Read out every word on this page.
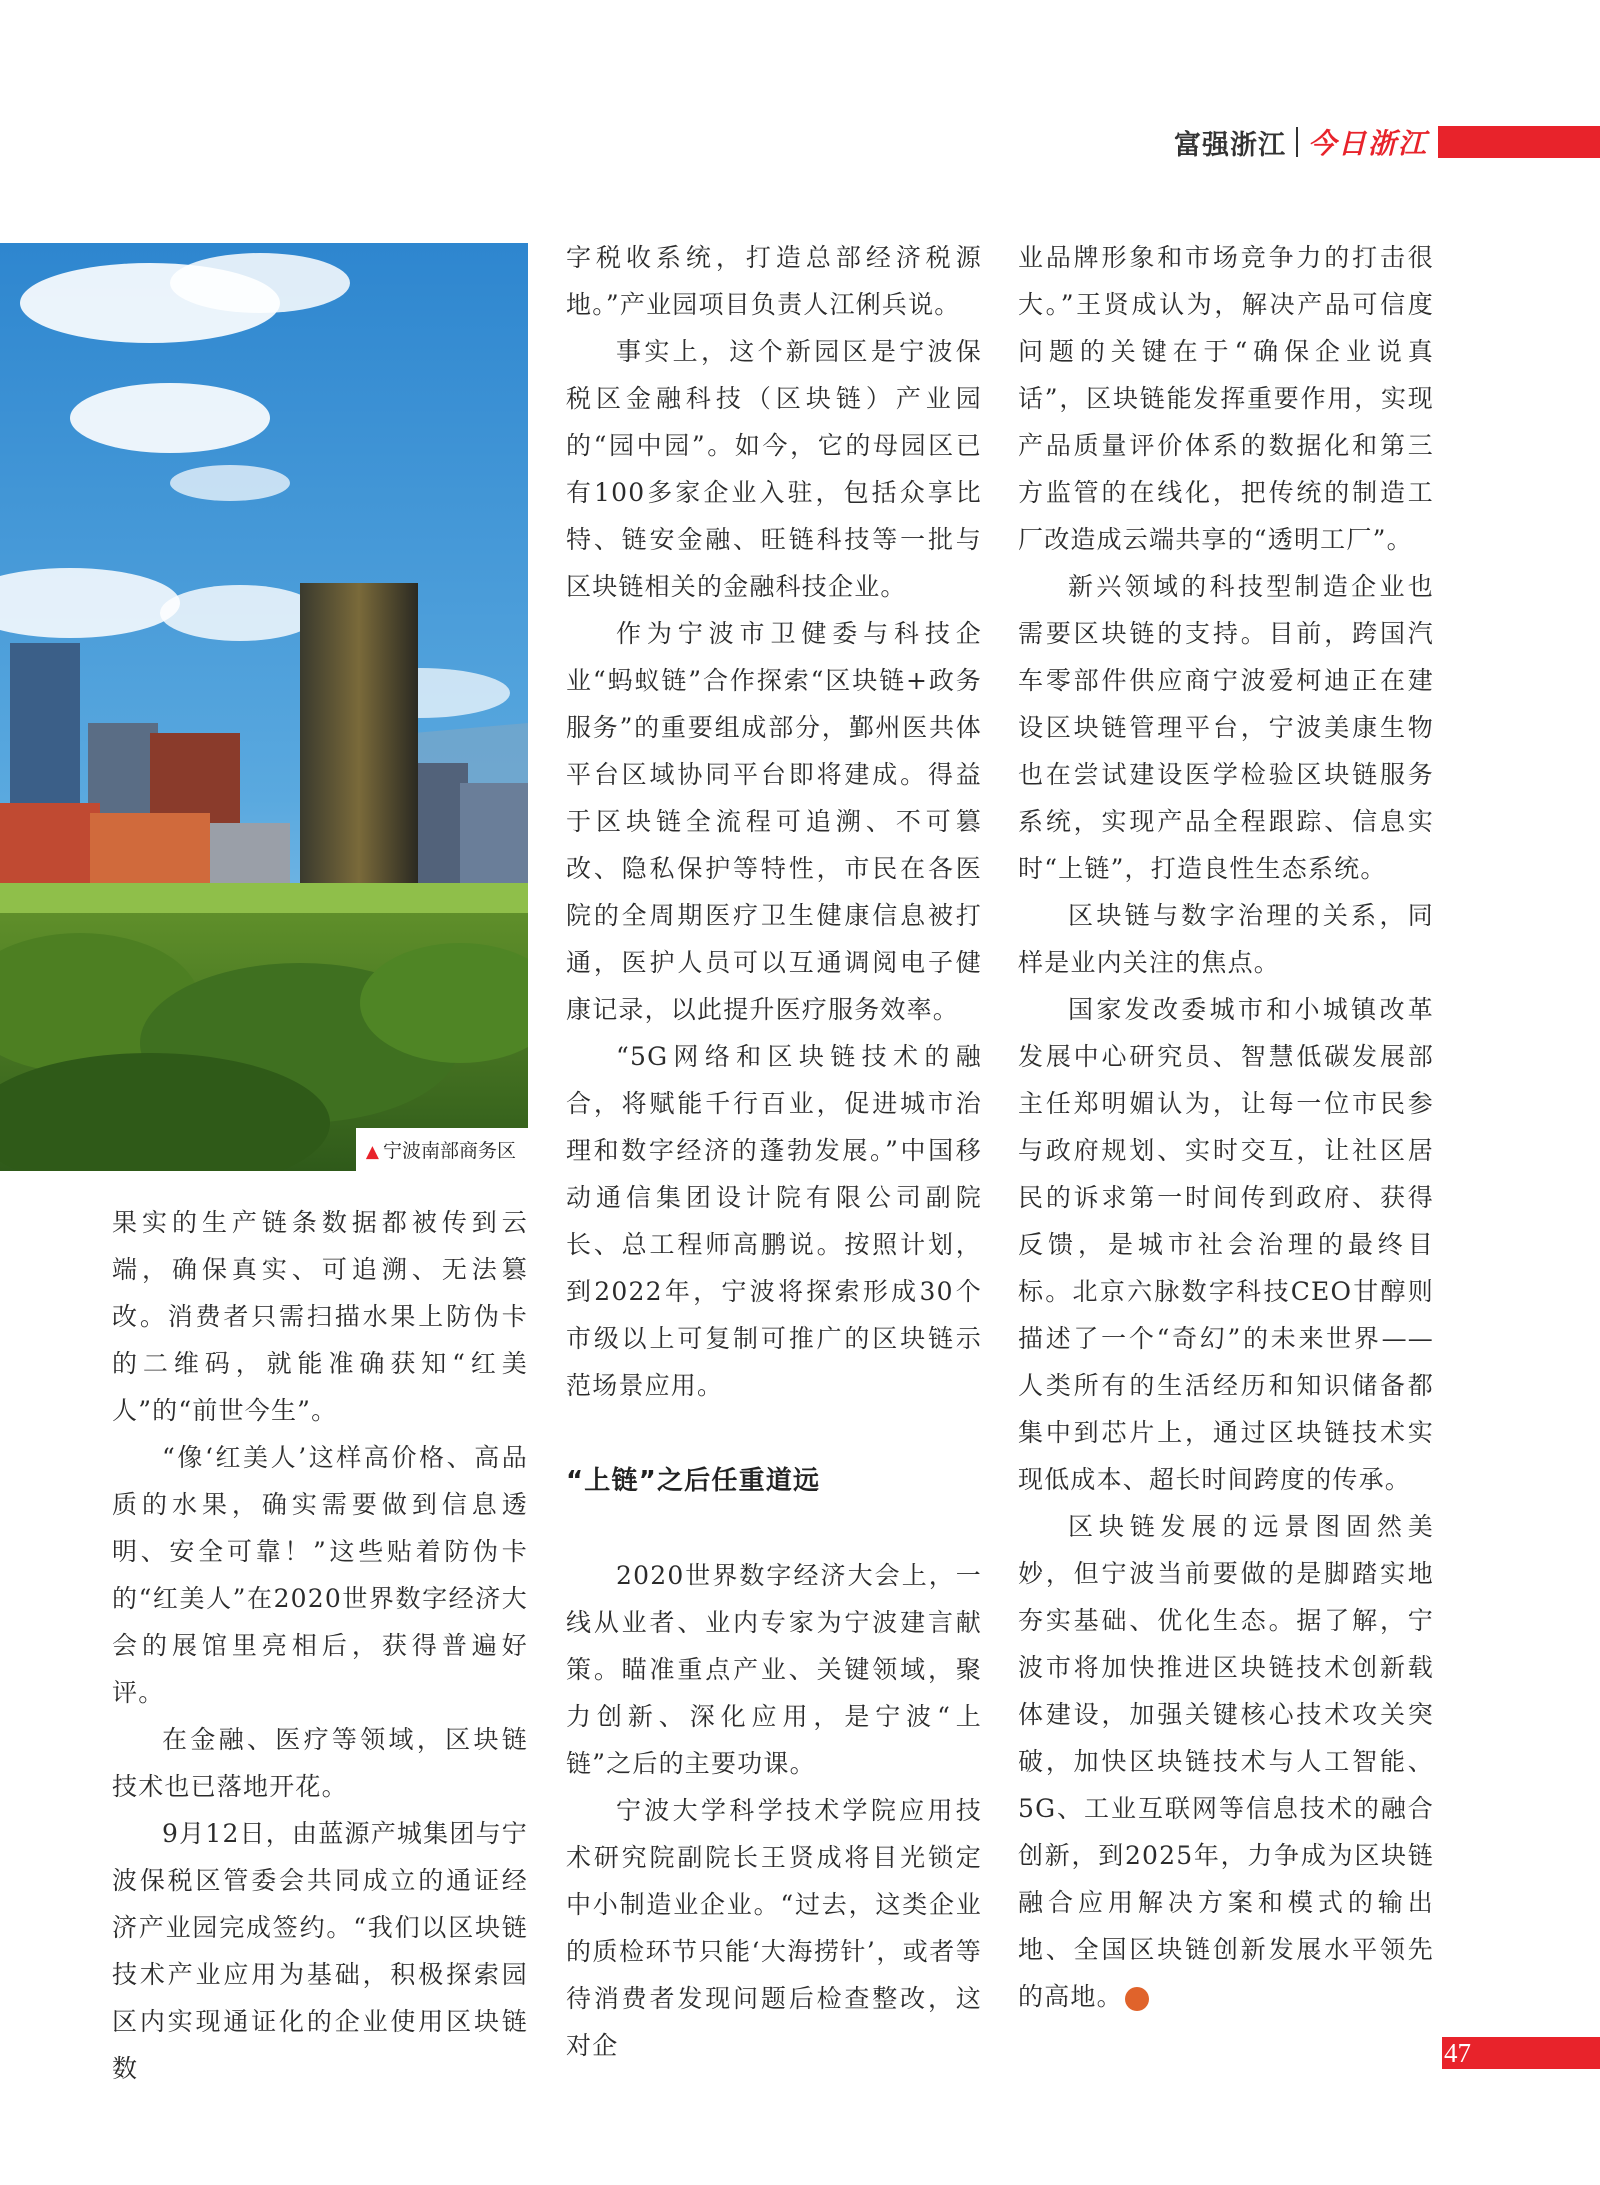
富强浙江 今日浙江
▲ 宁波南部商务区

果实的生产链条数据都被传到云端，确保真实、可追溯、无法篡改。消费者只需扫描水果上防伪卡的二维码，就能准确获知“红美人”的“前世今生”。

“像‘红美人’这样高价格、高品质的水果，确实需要做到信息透明、安全可靠！”这些贴着防伪卡的“红美人”在2020世界数字经济大会的展馆里亮相后，获得普遍好评。

在金融、医疗等领域，区块链技术也已落地开花。

9月12日，由蓝源产城集团与宁波保税区管委会共同成立的通证经济产业园完成签约。“我们以区块链技术产业应用为基础，积极探索园区内实现通证化的企业使用区块链数

字税收系统，打造总部经济税源地。”产业园项目负责人江俐兵说。

事实上，这个新园区是宁波保税区金融科技（区块链）产业园的“园中园”。如今，它的母园区已有100多家企业入驻，包括众享比特、链安金融、旺链科技等一批与区块链相关的金融科技企业。

作为宁波市卫健委与科技企业“蚂蚁链”合作探索“区块链+政务服务”的重要组成部分，鄞州医共体平台区域协同平台即将建成。得益于区块链全流程可追溯、不可篡改、隐私保护等特性，市民在各医院的全周期医疗卫生健康信息被打通，医护人员可以互通调阅电子健康记录，以此提升医疗服务效率。

“5G网络和区块链技术的融合，将赋能千行百业，促进城市治理和数字经济的蓬勃发展。”中国移动通信集团设计院有限公司副院长、总工程师高鹏说。按照计划，到2022年，宁波将探索形成30个市级以上可复制可推广的区块链示范场景应用。

“上链”之后任重道远

2020世界数字经济大会上，一线从业者、业内专家为宁波建言献策。瞄准重点产业、关键领域，聚力创新、深化应用，是宁波“上链”之后的主要功课。

宁波大学科学技术学院应用技术研究院副院长王贤成将目光锁定中小制造业企业。“过去，这类企业的质检环节只能‘大海捞针’，或者等待消费者发现问题后检查整改，这对企

业品牌形象和市场竞争力的打击很大。”王贤成认为，解决产品可信度问题的关键在于“确保企业说真话”，区块链能发挥重要作用，实现产品质量评价体系的数据化和第三方监管的在线化，把传统的制造工厂改造成云端共享的“透明工厂”。

新兴领域的科技型制造企业也需要区块链的支持。目前，跨国汽车零部件供应商宁波爱柯迪正在建设区块链管理平台，宁波美康生物也在尝试建设医学检验区块链服务系统，实现产品全程跟踪、信息实时“上链”，打造良性生态系统。

区块链与数字治理的关系，同样是业内关注的焦点。

国家发改委城市和小城镇改革发展中心研究员、智慧低碳发展部主任郑明媚认为，让每一位市民参与政府规划、实时交互，让社区居民的诉求第一时间传到政府、获得反馈，是城市社会治理的最终目标。北京六脉数字科技CEO甘醇则描述了一个“奇幻”的未来世界——人类所有的生活经历和知识储备都集中到芯片上，通过区块链技术实现低成本、超长时间跨度的传承。

区块链发展的远景图固然美妙，但宁波当前要做的是脚踏实地夯实基础、优化生态。据了解，宁波市将加快推进区块链技术创新载体建设，加强关键核心技术攻关突破，加快区块链技术与人工智能、5G、工业互联网等信息技术的融合创新，到2025年，力争成为区块链融合应用解决方案和模式的输出地、全国区块链创新发展水平领先的高地。	今

47
